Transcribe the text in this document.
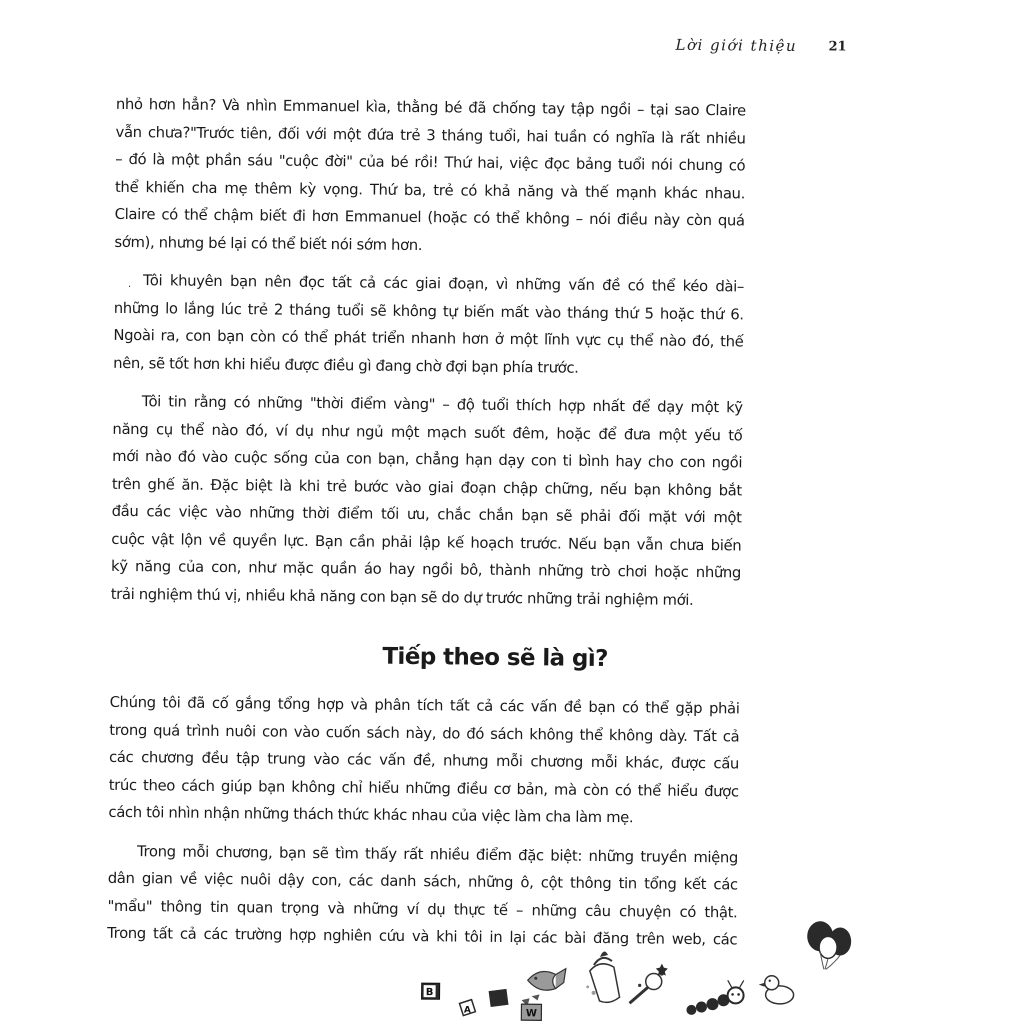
Lời giới thiệu 21
nhỏ hơn hẳn? Và nhìn Emmanuel kìa, thằng bé đã chống tay tập ngồi – tại sao Claire
vẫn chưa?"Trước tiên, đối với một đứa trẻ 3 tháng tuổi, hai tuần có nghĩa là rất nhiều
– đó là một phần sáu "cuộc đời" của bé rồi! Thứ hai, việc đọc bảng tuổi nói chung có
thể khiến cha mẹ thêm kỳ vọng. Thứ ba, trẻ có khả năng và thế mạnh khác nhau.
Claire có thể chậm biết đi hơn Emmanuel (hoặc có thể không – nói điều này còn quá
sớm), nhưng bé lại có thể biết nói sớm hơn.
Tôi khuyên bạn nên đọc tất cả các giai đoạn, vì những vấn đề có thể kéo dài–
những lo lắng lúc trẻ 2 tháng tuổi sẽ không tự biến mất vào tháng thứ 5 hoặc thứ 6.
Ngoài ra, con bạn còn có thể phát triển nhanh hơn ở một lĩnh vực cụ thể nào đó, thế
nên, sẽ tốt hơn khi hiểu được điều gì đang chờ đợi bạn phía trước.
Tôi tin rằng có những "thời điểm vàng" – độ tuổi thích hợp nhất để dạy một kỹ
năng cụ thể nào đó, ví dụ như ngủ một mạch suốt đêm, hoặc để đưa một yếu tố
mới nào đó vào cuộc sống của con bạn, chẳng hạn dạy con ti bình hay cho con ngồi
trên ghế ăn. Đặc biệt là khi trẻ bước vào giai đoạn chập chững, nếu bạn không bắt
đầu các việc vào những thời điểm tối ưu, chắc chắn bạn sẽ phải đối mặt với một
cuộc vật lộn về quyền lực. Bạn cần phải lập kế hoạch trước. Nếu bạn vẫn chưa biến
kỹ năng của con, như mặc quần áo hay ngồi bô, thành những trò chơi hoặc những
trải nghiệm thú vị, nhiều khả năng con bạn sẽ do dự trước những trải nghiệm mới.
.
Tiếp theo sẽ là gì?
Chúng tôi đã cố gắng tổng hợp và phân tích tất cả các vấn đề bạn có thể gặp phải
trong quá trình nuôi con vào cuốn sách này, do đó sách không thể không dày. Tất cả
các chương đều tập trung vào các vấn đề, nhưng mỗi chương mỗi khác, được cấu
trúc theo cách giúp bạn không chỉ hiểu những điều cơ bản, mà còn có thể hiểu được
cách tôi nhìn nhận những thách thức khác nhau của việc làm cha làm mẹ.
Trong mỗi chương, bạn sẽ tìm thấy rất nhiều điểm đặc biệt: những truyền miệng
dân gian về việc nuôi dậy con, các danh sách, những ô, cột thông tin tổng kết các
"mẩu" thông tin quan trọng và những ví dụ thực tế – những câu chuyện có thật.
Trong tất cả các trường hợp nghiên cứu và khi tôi in lại các bài đăng trên web, các
B
A	W
